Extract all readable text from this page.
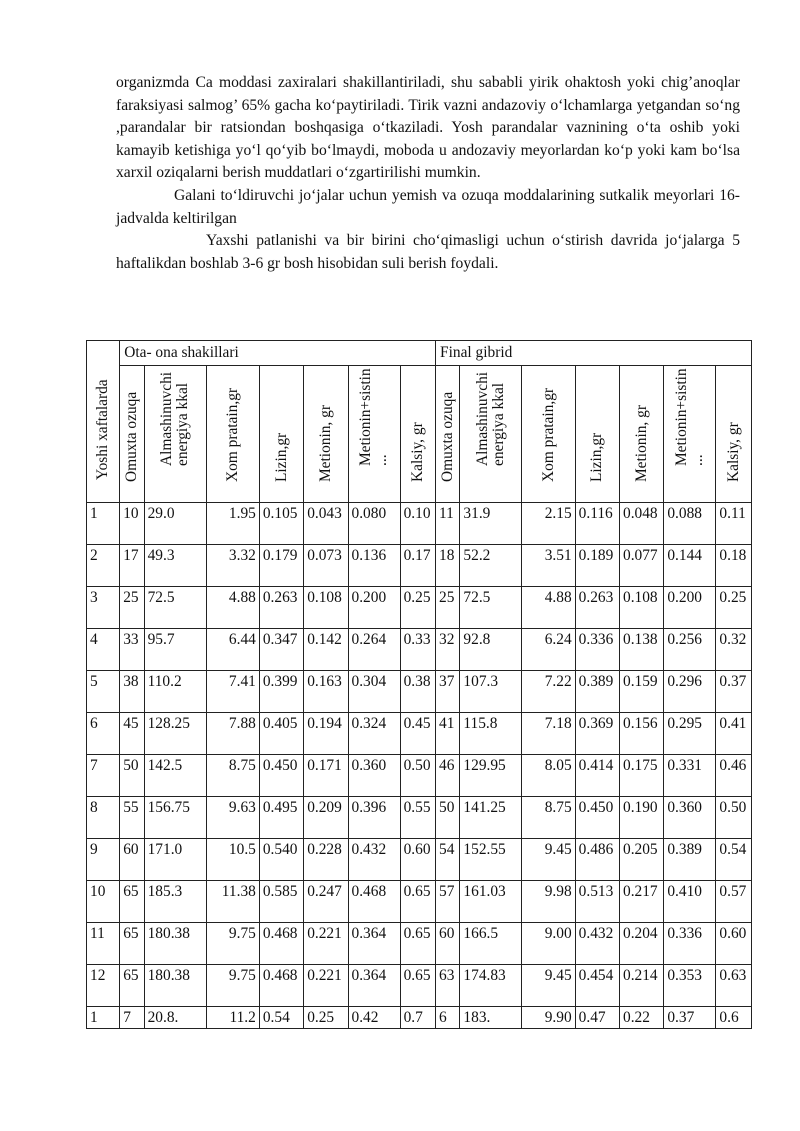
organizmda Ca moddasi zaxiralari shakillantiriladi, shu sababli yirik ohaktosh yoki chig’anoqlar faraksiyasi salmog’ 65% gacha ko‘paytiriladi. Tirik vazni andazoviy o‘lchamlarga yetgandan so‘ng ,parandalar bir ratsiondan boshqasiga o‘tkaziladi. Yosh parandalar vaznining o‘ta oshib yoki kamayib ketishiga yo‘l qo‘yib bo‘lmaydi, moboda u andozaviy meyorlardan ko‘p yoki kam bo‘lsa xarxil oziqalarni berish muddatlari o‘zgartirilishi mumkin.

Galani to‘ldiruvchi jo‘jalar uchun yemish va ozuqa moddalarining sutkalik meyorlari 16- jadvalda keltirilgan

Yaxshi patlanishi va bir birini cho‘qimasligi uchun o‘stirish davrida jo‘jalarga 5 haftalikdan boshlab 3-6 gr bosh hisobidan suli berish foydali.

Yoshi xaftalarda	Ota- ona shakillari							Final gibrid						

	Omuxta ozuqa	Almashinuvchi
energiya kkal	Xom pratain,gr	Lizin,gr	Metionin, gr	Metionin+sistin
...	Kalsiy, gr	Omuxta ozuqa	Almashinuvchi
energiya kkal	Xom pratain,gr	Lizin,gr	Metionin, gr	Metionin+sistin
...	Kalsiy, gr

1	10	29.0	1.95	0.105	0.043	0.080	0.10	11	31.9	2.15	0.116	0.048	0.088	0.11
2	17	49.3	3.32	0.179	0.073	0.136	0.17	18	52.2	3.51	0.189	0.077	0.144	0.18
3	25	72.5	4.88	0.263	0.108	0.200	0.25	25	72.5	4.88	0.263	0.108	0.200	0.25
4	33	95.7	6.44	0.347	0.142	0.264	0.33	32	92.8	6.24	0.336	0.138	0.256	0.32
5	38	110.2	7.41	0.399	0.163	0.304	0.38	37	107.3	7.22	0.389	0.159	0.296	0.37
6	45	128.25	7.88	0.405	0.194	0.324	0.45	41	115.8	7.18	0.369	0.156	0.295	0.41
7	50	142.5	8.75	0.450	0.171	0.360	0.50	46	129.95	8.05	0.414	0.175	0.331	0.46
8	55	156.75	9.63	0.495	0.209	0.396	0.55	50	141.25	8.75	0.450	0.190	0.360	0.50
9	60	171.0	10.5	0.540	0.228	0.432	0.60	54	152.55	9.45	0.486	0.205	0.389	0.54
10	65	185.3	11.38	0.585	0.247	0.468	0.65	57	161.03	9.98	0.513	0.217	0.410	0.57
11	65	180.38	9.75	0.468	0.221	0.364	0.65	60	166.5	9.00	0.432	0.204	0.336	0.60
12	65	180.38	9.75	0.468	0.221	0.364	0.65	63	174.83	9.45	0.454	0.214	0.353	0.63
1	7	20.8.	11.2	0.54	0.25	0.42	0.7	6	183.	9.90	0.47	0.22	0.37	0.6
